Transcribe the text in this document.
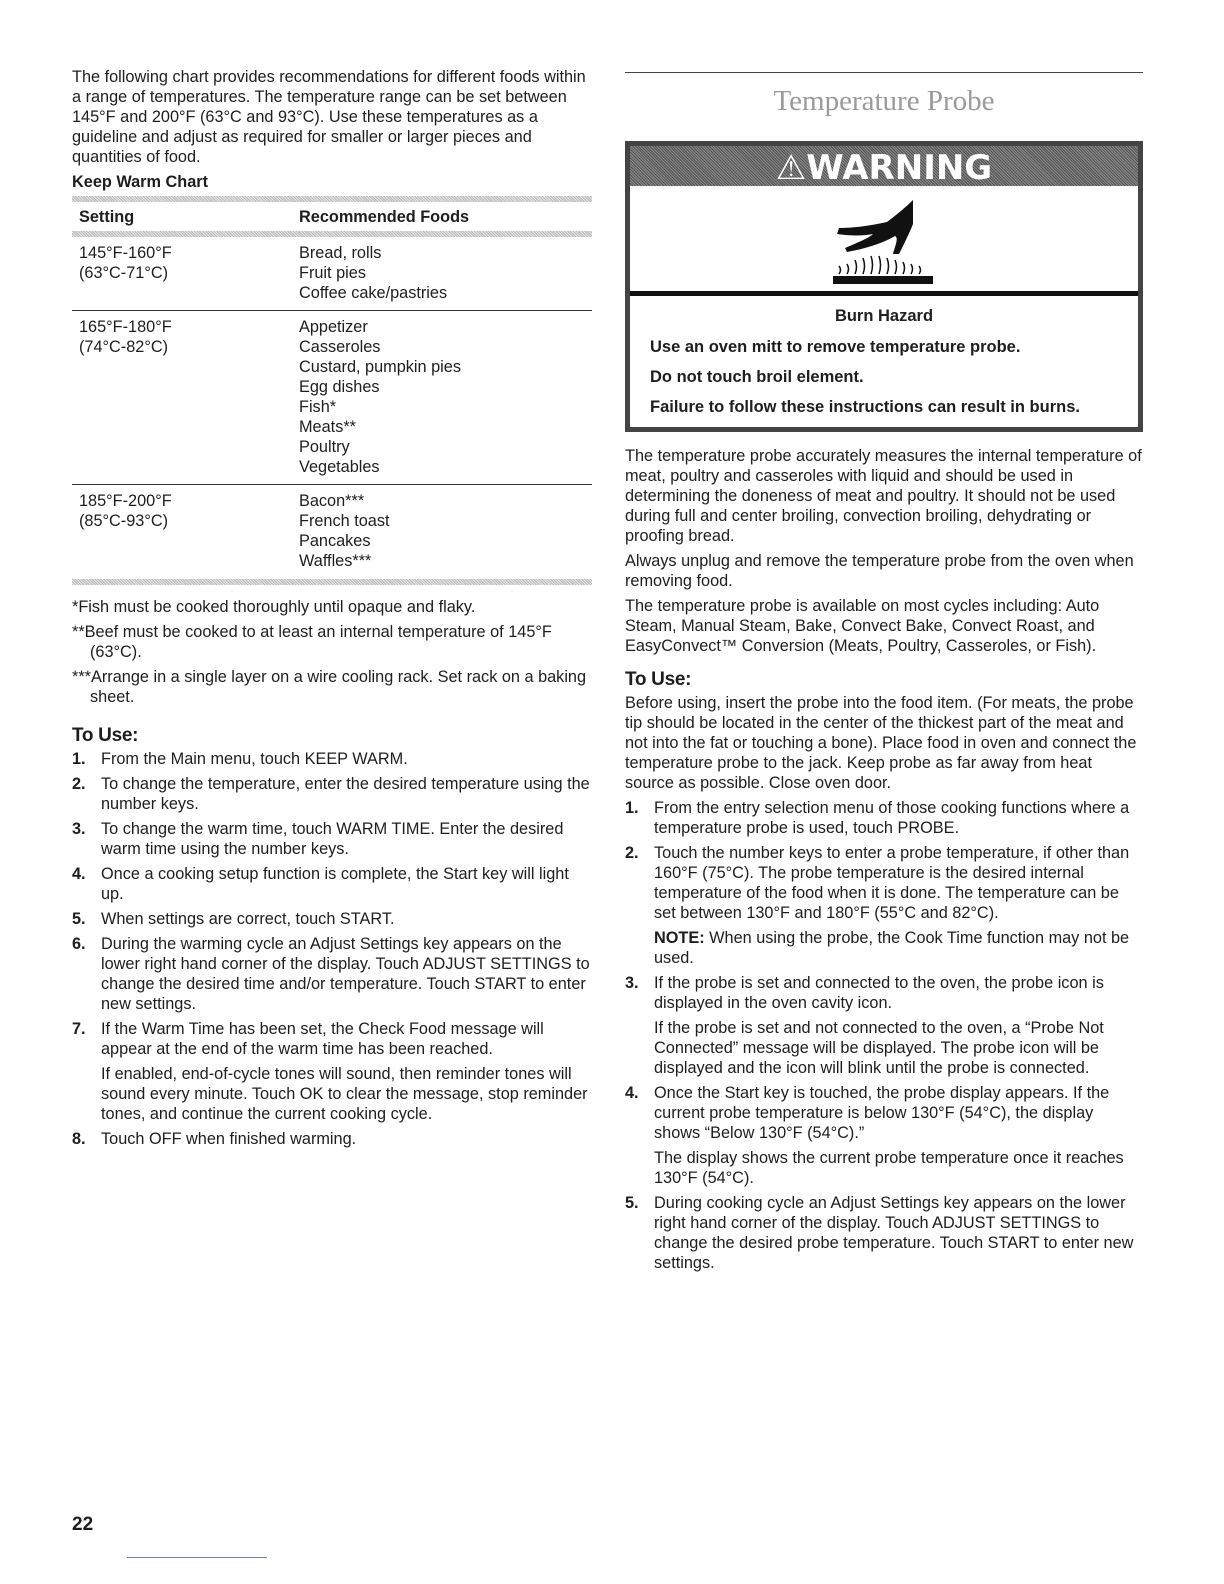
The following chart provides recommendations for different foods within a range of temperatures. The temperature range can be set between 145°F and 200°F (63°C and 93°C). Use these temperatures as a guideline and adjust as required for smaller or larger pieces and quantities of food.

Keep Warm Chart
Setting	Recommended Foods
145°F-160°F
(63°C-71°C)
Bread, rolls
Fruit pies
Coffee cake/pastries
165°F-180°F
(74°C-82°C)
Appetizer
Casseroles
Custard, pumpkin pies
Egg dishes
Fish*
Meats**
Poultry
Vegetables
185°F-200°F
(85°C-93°C)
Bacon***
French toast
Pancakes
Waffles***

*Fish must be cooked thoroughly until opaque and flaky.

**Beef must be cooked to at least an internal temperature of 145°F (63°C).

***Arrange in a single layer on a wire cooling rack. Set rack on a baking sheet.

To Use:
1. From the Main menu, touch KEEP WARM.

2. To change the temperature, enter the desired temperature using the number keys.

3. To change the warm time, touch WARM TIME. Enter the desired warm time using the number keys.

4. Once a cooking setup function is complete, the Start key will light up.

5. When settings are correct, touch START.

6. During the warming cycle an Adjust Settings key appears on the lower right hand corner of the display. Touch ADJUST SETTINGS to change the desired time and/or temperature. Touch START to enter new settings.

7. If the Warm Time has been set, the Check Food message will appear at the end of the warm time has been reached.

If enabled, end-of-cycle tones will sound, then reminder tones will sound every minute. Touch OK to clear the message, stop reminder tones, and continue the current cooking cycle.

8. Touch OFF when finished warming.

Temperature Probe
⚠WARNING
Burn Hazard
Use an oven mitt to remove temperature probe.
Do not touch broil element.
Failure to follow these instructions can result in burns.

The temperature probe accurately measures the internal temperature of meat, poultry and casseroles with liquid and should be used in determining the doneness of meat and poultry. It should not be used during full and center broiling, convection broiling, dehydrating or proofing bread.

Always unplug and remove the temperature probe from the oven when removing food.

The temperature probe is available on most cycles including: Auto Steam, Manual Steam, Bake, Convect Bake, Convect Roast, and EasyConvect™ Conversion (Meats, Poultry, Casseroles, or Fish).

To Use:

Before using, insert the probe into the food item. (For meats, the probe tip should be located in the center of the thickest part of the meat and not into the fat or touching a bone). Place food in oven and connect the temperature probe to the jack. Keep probe as far away from heat source as possible. Close oven door.

1. From the entry selection menu of those cooking functions where a temperature probe is used, touch PROBE.

2. Touch the number keys to enter a probe temperature, if other than 160°F (75°C). The probe temperature is the desired internal temperature of the food when it is done. The temperature can be set between 130°F and 180°F (55°C and 82°C).

NOTE: When using the probe, the Cook Time function may not be used.

3. If the probe is set and connected to the oven, the probe icon is displayed in the oven cavity icon.

If the probe is set and not connected to the oven, a “Probe Not Connected” message will be displayed. The probe icon will be displayed and the icon will blink until the probe is connected.

4. Once the Start key is touched, the probe display appears. If the current probe temperature is below 130°F (54°C), the display shows “Below 130°F (54°C).”

The display shows the current probe temperature once it reaches 130°F (54°C).

5. During cooking cycle an Adjust Settings key appears on the lower right hand corner of the display. Touch ADJUST SETTINGS to change the desired probe temperature. Touch START to enter new settings.

22
